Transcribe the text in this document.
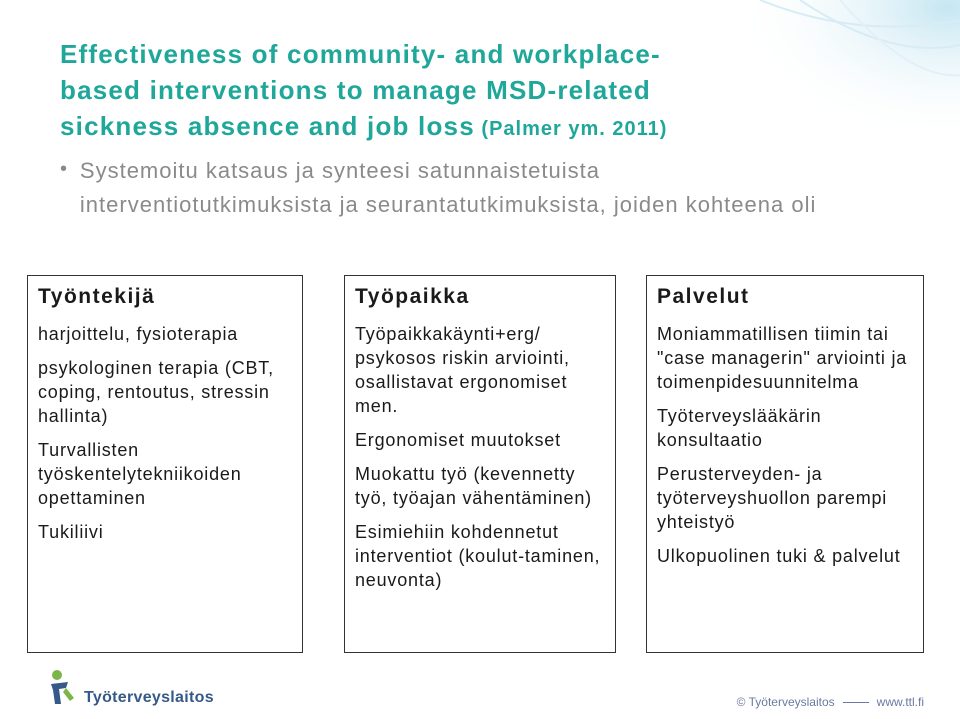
Effectiveness of community- and workplace-
based interventions to manage MSD-related
sickness absence and job loss (Palmer ym. 2011)
• Systemoitu katsaus ja synteesi satunnaistetuista interventiotutkimuksista ja seurantatutkimuksista, joiden kohteena oli

Työntekijä

harjoittelu, fysioterapia

psykologinen terapia (CBT, coping, rentoutus, stressin hallinta)

Turvallisten työskentelytekniikoiden opettaminen

Tukiliivi

Työpaikka

Työpaikkakäynti+erg/ psykosos riskin arviointi, osallistavat ergonomiset men.

Ergonomiset muutokset

Muokattu työ (kevennetty työ, työajan vähentäminen)

Esimiehiin kohdennetut interventiot (koulut-taminen, neuvonta)

Palvelut

Moniammatillisen tiimin tai "case managerin" arviointi ja toimenpidesuunnitelma

Työterveyslääkärin konsultaatio

Perusterveyden- ja työterveyshuollon parempi yhteistyö

Ulkopuolinen tuki & palvelut

Työterveyslaitos	© Työterveyslaitos	www.ttl.fi
